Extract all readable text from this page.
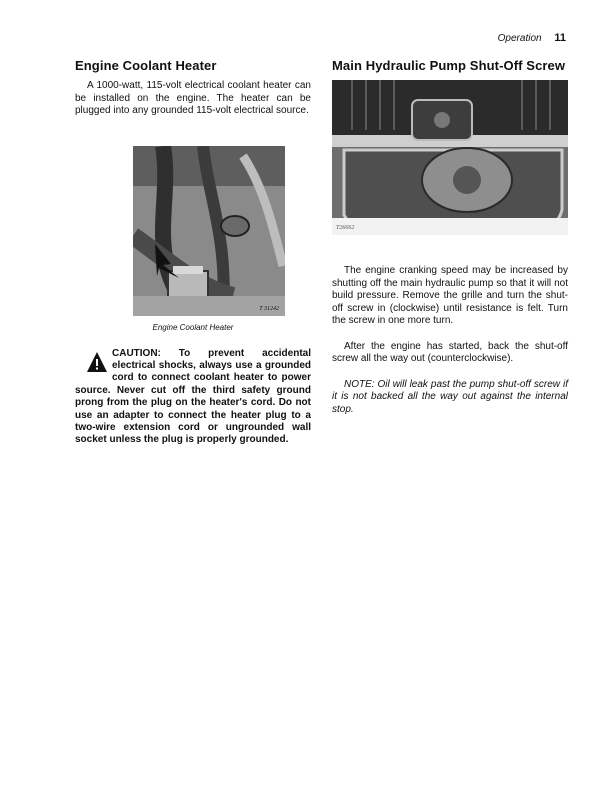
Operation 11
Engine Coolant Heater

A 1000-watt, 115-volt electrical coolant heater can be installed on the engine. The heater can be plugged into any grounded 115-volt electrical source.

T 31242
Engine Coolant Heater
CAUTION: To prevent accidental electrical shocks, always use a grounded cord to connect coolant heater to power source. Never cut off the third safety ground prong from the plug on the heater's cord. Do not use an adapter to connect the heater plug to a two-wire extension cord or ungrounded wall socket unless the plug is properly grounded.
Main Hydraulic Pump Shut-Off Screw
T26662

The engine cranking speed may be increased by shutting off the main hydraulic pump so that it will not build pressure. Remove the grille and turn the shut-off screw in (clockwise) until resistance is felt. Turn the screw in one more turn.

After the engine has started, back the shut-off screw all the way out (counterclockwise).

NOTE: Oil will leak past the pump shut-off screw if it is not backed all the way out against the internal stop.
